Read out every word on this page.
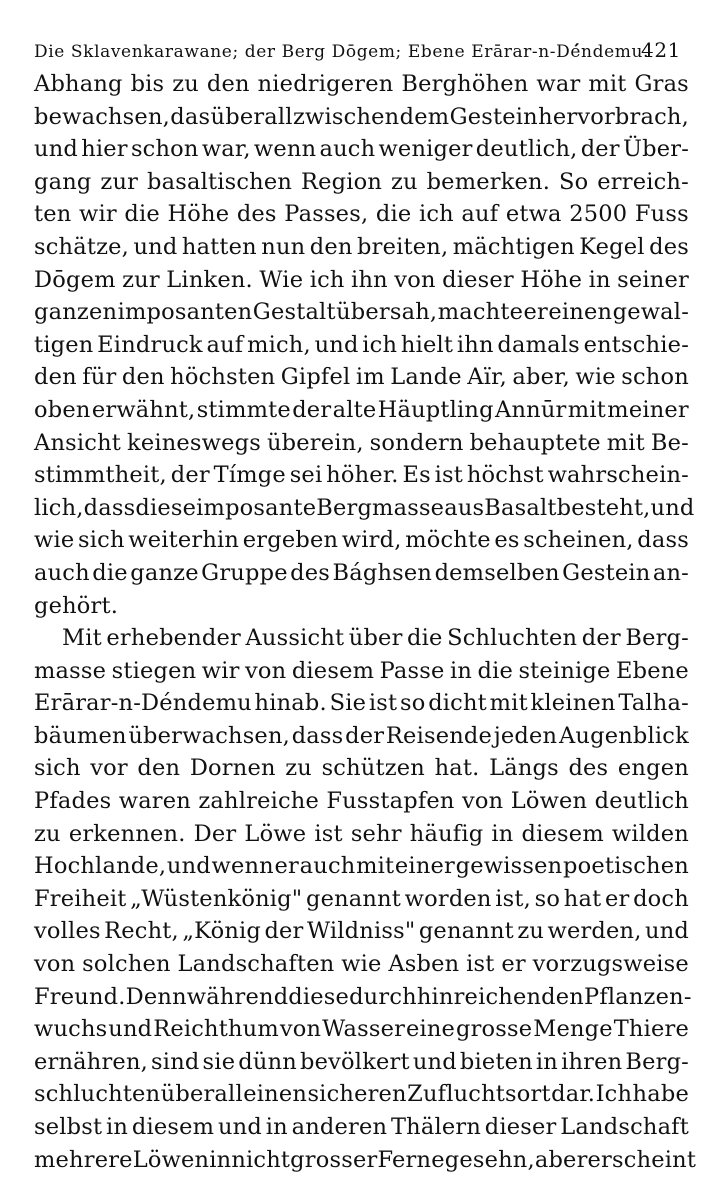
Die Sklavenkarawane; der Berg Dōgem; Ebene Erārar-n-Dé́ndemu.
421
Abhang bis zu den niedrigeren Berghöhen war mit Gras
bewachsen, das überall zwischen dem Gestein hervorbrach,
und hier schon war, wenn auch weniger deutlich, der Über-
gang zur basaltischen Region zu bemerken. So erreich-
ten wir die Höhe des Passes, die ich auf etwa 2500 Fuss
schätze, und hatten nun den breiten, mächtigen Kegel des
Dōgem zur Linken. Wie ich ihn von dieser Höhe in seiner
ganzen imposanten Gestalt übersah, machte er einen gewal-
tigen Eindruck auf mich, und ich hielt ihn damals entschie-
den für den höchsten Gipfel im Lande Aïr, aber, wie schon
oben erwähnt, stimmte der alte Häuptling Annūr mit meiner
Ansicht keineswegs überein, sondern behauptete mit Be-
stimmtheit, der Tímge sei höher. Es ist höchst wahrschein-
lich, dass diese imposante Bergmasse aus Basalt besteht, und
wie sich weiterhin ergeben wird, möchte es scheinen, dass
auch die ganze Gruppe des Bághsen demselben Gestein an-
gehört.
Mit erhebender Aussicht über die Schluchten der Berg-
masse stiegen wir von diesem Passe in die steinige Ebene
Erārar-n-Déndemu hinab. Sie ist so dicht mit kleinen Talha-
bäumen überwachsen, dass der Reisende jeden Augenblick
sich vor den Dornen zu schützen hat. Längs des engen
Pfades waren zahlreiche Fusstapfen von Löwen deutlich
zu erkennen. Der Löwe ist sehr häufig in diesem wilden
Hochlande, und wenn er auch mit einer gewissen poetischen
Freiheit „Wüstenkönig" genannt worden ist, so hat er doch
volles Recht, „König der Wildniss" genannt zu werden, und
von solchen Landschaften wie Asben ist er vorzugsweise
Freund. Denn während diese durch hinreichenden Pflanzen-
wuchs und Reichthum von Wasser eine grosse Menge Thiere
ernähren, sind sie dünn bevölkert und bieten in ihren Berg-
schluchten überall einen sicheren Zufluchtsort dar. Ich habe
selbst in diesem und in anderen Thälern dieser Landschaft
mehrere Löwen in nicht grosser Ferne gesehn, aber er scheint
